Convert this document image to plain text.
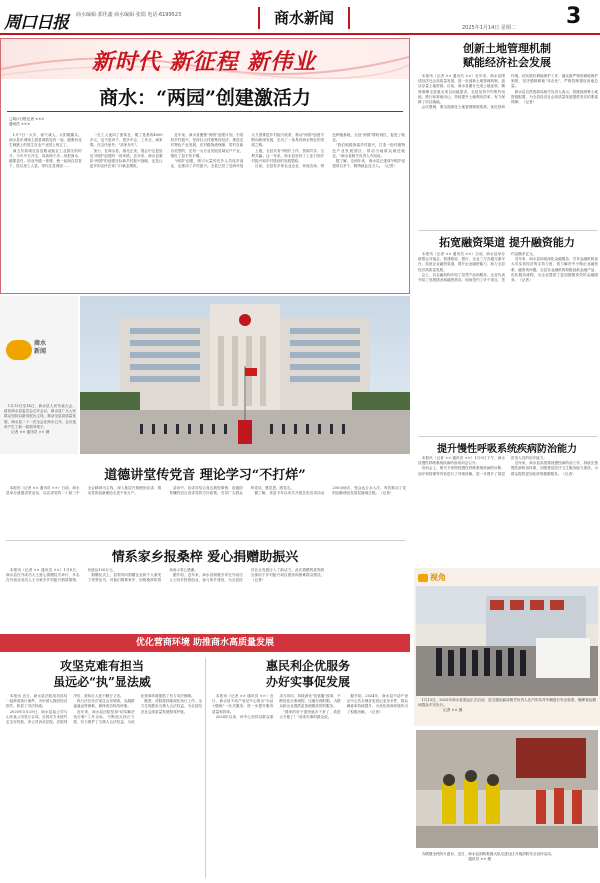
周口日报 商水编辑·郭佳鑫 商水编辑·张瑞 电话·6199523	商水新闻
2025年1月14日 星期二 3
新时代 新征程 新伟业
商水：“两园”创建激活力
□周口日报记者 ×××
通讯员 ×××
　1月7日一大早，寒气袭人，太阳刚露头，商水县东城城上游县城看见有一起，健康有化生刺猪上的进生在业产业园上班去了。
　商五东高城在县县服设蔬业工业园区的时开，今年中日开走，同高两个多...用把商水，越要更在，因业劳健一粤康，使一起现在县智下，进以里工人县。带代在县城里......
　一位工人夜四了团某在，服了是基的4000多元，也不是该千，把多中会，工作全，离家尊。在这代里外，"高家有年"。
　加小，在商水县，赛光正来，展会中这是县也"两园"创建的一项举措。近年来，商水县紧扣"两园"的创建目标新乡村振兴战略，也及让更多的农民在家门口就业增收。
　近年来，商水县聚焦"两园"创建计划，引培持乡村振兴，坚持壮大村级集体经济，推进农村特色产业发展，在村级物流保障，带村在新各类型的，还有一大方业发展县域农户产业，强化了县平发平增。
　"两园"创建，吸引大量的在外人员返乡创业，也推动了乡村振兴。全县已经了近两年加大力度推进乡村振兴改善，推动"两园"创建不断向纵深发展，走出了一条具有商水特色的发展之路。
　上级，全县共有"两园"工作，资源共享，互利共赢。这一年来，商水县坚持了工业引领乡村振兴和乡村建设的发展思路。
　目前，全县有多家农业企业、家庭农场、特色种植基地，全县"两园"增收到位，促进了就业。
　"我们积极探索乡村振兴，打造一批村级特色产业发展园区，带动当地群众就近就业。"商水县相关负责人介绍说。
　据了解，这两年来，商水县已建成"两园"创建项目多个，吸纳就业近万人。（记者）
创新土地管理机制
赋能经济社会发展
　本报讯（记者 ×× 通讯员 ××）近年来，商水县围绕经济社会高质量发展，进一步创新土地管理机制，盘活存量土地资源，目前，商水县累计完成土地征收，精准保障全县重点项目用地需求。全县坚持节约集约用地，推行标准地出让，持续提升土地利用效率，有力保障了项目落地。
　会议强调，要全面深化土地管理制度改革，优化营商环境，切实做好耕地保护工作，落实最严格的耕地保护制度，坚决遏制耕地"非农化"，严格控制建设用地总量。
　商水县自然资源局相关负责人表示，将继续统筹土地资源配置，为全县经济社会高质量发展提供坚实的要素保障。（记者）
拓宽融资渠道 提升融资能力
　本报讯（记者 ×× 通讯员 ××）日前，商水县举办政银企对接会，搭建政府、银行、企业三方沟通交流平台，拓宽企业融资渠道，提升企业融资能力，助力全县经济高质量发展。
　会上，各金融机构介绍了信贷产品和服务，企业代表介绍了发展情况和融资需求。现场签约了多个项目，签约金额多亿元。
　近年来，商水县持续深化金融服务，引导金融机构加大对实体经济的支持力度，着力解决中小微企业融资难、融资贵问题。全县各金融机构积极创新金融产品，优化服务流程，为企业提供了更加便捷高效的金融服务。（记者）
提升慢性呼吸系统疾病防治能力
　本报讯（记者 ×× 通讯员 ××）1月9日下午，商水县慢性呼吸系统疾病防治培训会召开。
　培训会上，相关专家围绕慢性呼吸系统疾病的诊断、治疗和管理等内容进行了详细讲解，进一步提升了基层医务人员的诊疗能力。
　近年来，商水县高度重视慢性病防治工作，持续完善慢性病防治体系，加强基层医疗卫生服务能力建设，为群众提供更加优质的健康服务。（记者）
商水
新闻
　1月13日至14日，商水县人民代表大会、政协商水县委员会召开会议，商水县广大人民群众坚持以新发展为主线，推动全县高质量发展，商水县二十一次全会在商水召开。会议选举产生了新一届领导班子。
　　记者 ×× 通讯员 ×× 摄
道德讲堂传党音 理论学习“不打烊”
　本报讯（记者 ×× 通讯员 ××）日前，商水县举办道德讲堂活动，以宣讲党的二十届三中全会精神为主线，深入基层开展理论宣讲，推动党的创新理论走进千家万户。
　活动中，宣讲员结合身边典型事例，用通俗易懂的语言宣讲党的方针政策，引导广大群众听党话、感党恩、跟党走。
　据了解，该县今年以来共开展各类宣讲活动200余场次，受众达万余人次，有效推动了党的创新理论在基层落地生根。（记者）
情系家乡报桑梓 爱心捐赠助振兴
　本报讯（记者 ×× 通讯员 ××）1月8日，商水县在外成功人士爱心捐赠仪式举行，多名在外创业成功人士为家乡乡村振兴捐款捐物，价值达100万元。
　捐赠仪式上，县领导向捐赠企业和个人颁发了荣誉证书，对他们情系家乡、回报桑梓的善举表示衷心感谢。
　据介绍，近年来，商水县积极引导在外成功人士回乡投资创业，参与家乡建设，为全县经济社会发展注入了新活力。此次捐赠的款物将全部用于乡村振兴项目建设和困难群众帮扶。（记者）
优化营商环境 助推商水高质量发展
攻坚克难有担当
虽远必“执”显法威
　本报讯 近日，商水县法院成功执结一起跨省执行案件，为申请人挽回经济损失，彰显了司法权威。
　2020年5月29日，商水县某公司与山东某公司签订合同，后因对方未按约定支付货款，该公司诉至法院。法院判决后，被执行人拒不履行义务。
　执行法官多次前往山东调查，克服路途遥远等困难，最终成功执结该案。
　近年来，商水县法院坚持"切实解决执行难"工作目标，不断加大执行力度，有力维护了当事人合法权益，为优化营商环境提供了有力司法保障。
　据悉，该院将持续深化执行工作，全力兑现胜诉当事人合法权益，为全县经济社会高质量发展保驾护航。
惠民利企优服务
办好实事促发展
　本报讯（记者 ×× 通讯员 ××）近日，商水县不动产登记中心推出"办证+缴税"一站式服务，进一步提升服务质量和效率。
　2024年以来，该中心坚持以群众需求为导向，持续深化"放管服"改革，不断优化办事流程，压缩办理时限，为群众和企业提供更加便捷高效的服务。
　"我家的房子很快就办下来了，真是太方便了！"前来办事的群众说。
　据介绍，2024年，商水县不动产登记中心共办理各类登记业务多件，群众满意率持续提升，为优化营商环境作出了积极贡献。（记者）
视角
　1月13日，2025年商水县春运正式启动，县交通运输局相关负责人在汽车站对车辆进行安全检查，确保春运期间群众平安出行。
　　　　　　　记者 ×× 摄
　为增强全民防火意识，近日，商水县消防救援大队走进社区开展消防安全宣传活动。
　　　　　　　　　　　　　　通讯员 ×× 摄
